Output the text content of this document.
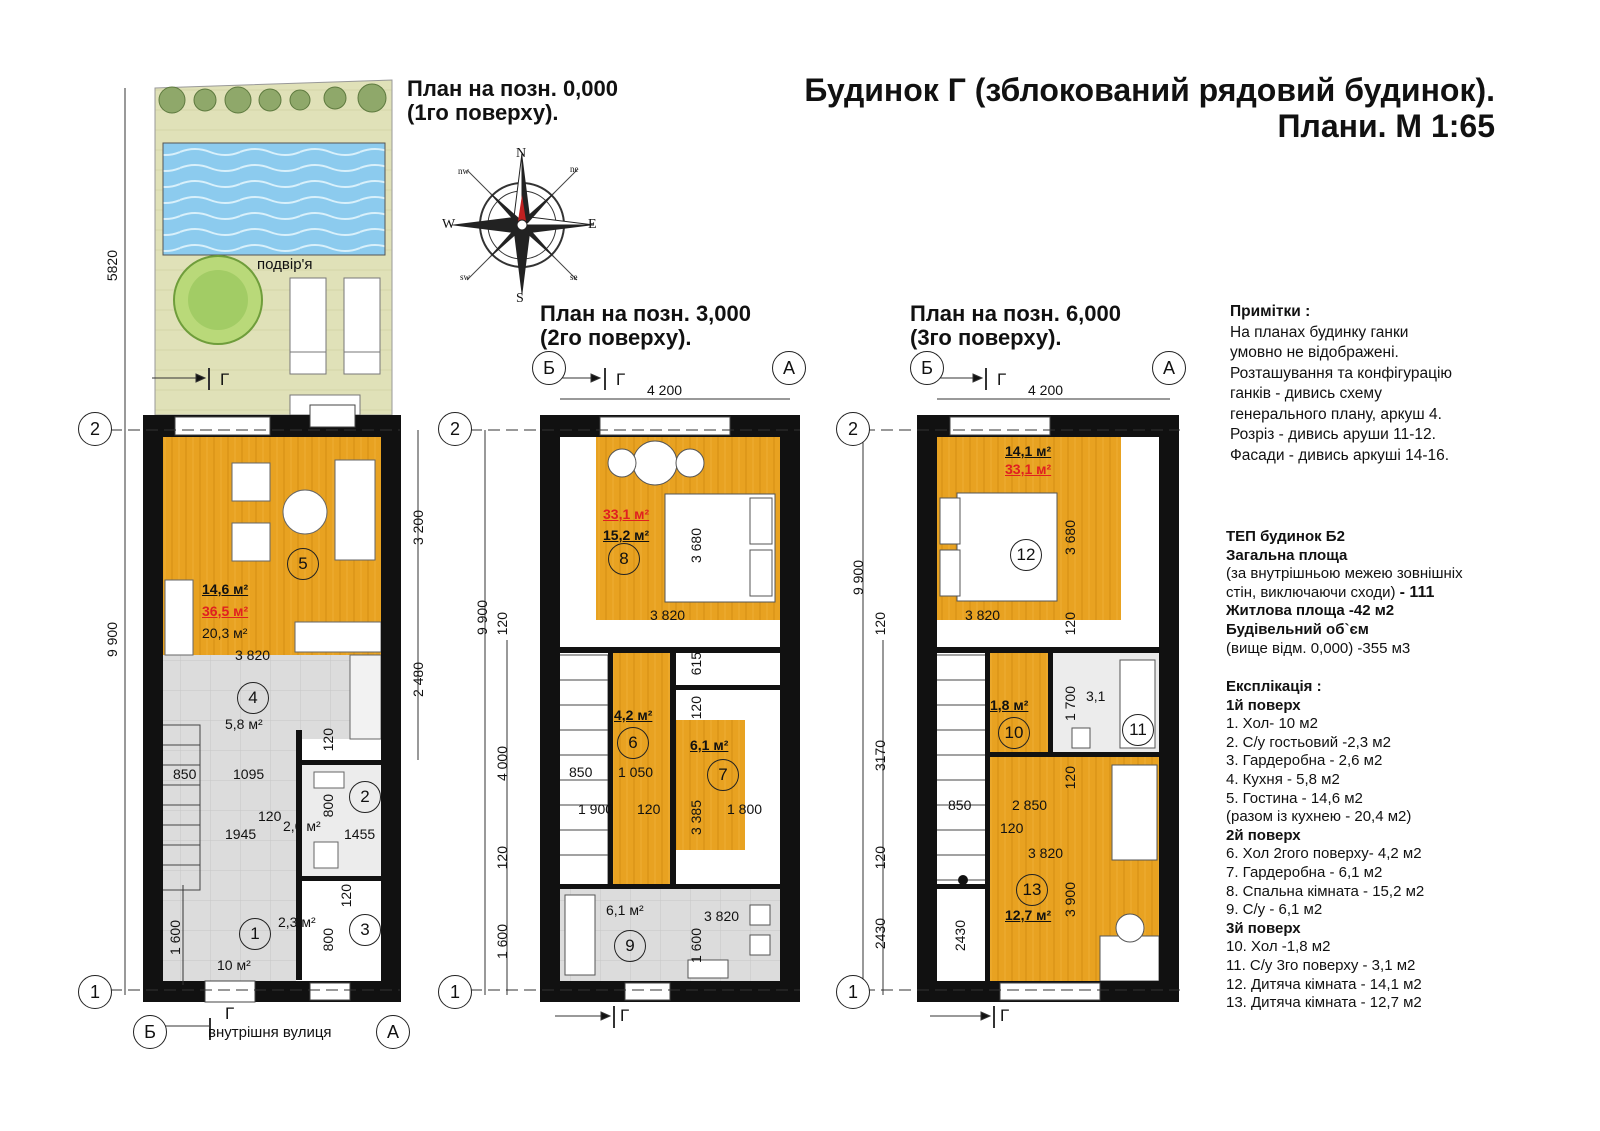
Будинок Г (зблокований рядовий будинок).
Плани. М 1:65
План на позн. 0,000
(1го поверху).
План на позн. 3,000
(2го поверху).
План на позн. 6,000
(3го поверху).
N
S
E
W
nw	ne
sw	se
подвір'я
внутрішня вулиця
Г
Г
2
1
Б	А
5820
9 900
3 200
2 480
1 600
850	1095
1945	1455
120
120
120
800
800
3 820
5
14,6 м²
36,5 м²
20,3 м²
4
5,8 м²
2
2,6 м²
3
2,3 м²
1
10 м²
2
1
Б	А
Г
Г
4 200
9 900
3 680
4 000
1 600
3 820
615
120
120
120
120
850 1 050
1 900	3 385 1 800
3 820
1 600
33,1 м²
15,2 м²
8
4,2 м²
6	6,1 м²
7
6,1 м²
9
2
1
Б	А
Г
Г
4 200
9 900
3 680
3170
2430
3 820
120
120
120
120
1 700
850	2 850
120
3 820
3 900
2430
14,1 м²
33,1 м²
12
1,8 м²
10
3,1
11
13
12,7 м²
Примітки :
На планах будинку ганки
умовно не відображені.
Розташування та конфігурацію
ганків - дивись схему
генерального плану, аркуш 4.
Розріз - дивись аруши 11-12.
Фасади - дивись аркуші 14-16.
ТЕП будинок Б2
Загальна площа
(за внутрішньою межею зовнішніх
стін, виключаючи сходи) - 111
Житлова площа -42 м2
Будівельний об`єм
(вище відм. 0,000) -355 м3
Експлікація :
1й поверх
1. Хол- 10 м2
2. С/у гостьовий -2,3 м2
3. Гардеробна - 2,6 м2
4. Кухня - 5,8 м2
5. Гостина - 14,6 м2
(разом із кухнею - 20,4 м2)
2й поверх
6. Хол 2гого поверху- 4,2 м2
7. Гардеробна - 6,1 м2
8. Спальна кімната - 15,2 м2
9. С/у - 6,1 м2
3й поверх
10. Хол -1,8 м2
11. С/у 3го поверху - 3,1 м2
12. Дитяча кімната - 14,1 м2
13. Дитяча кімната - 12,7 м2
